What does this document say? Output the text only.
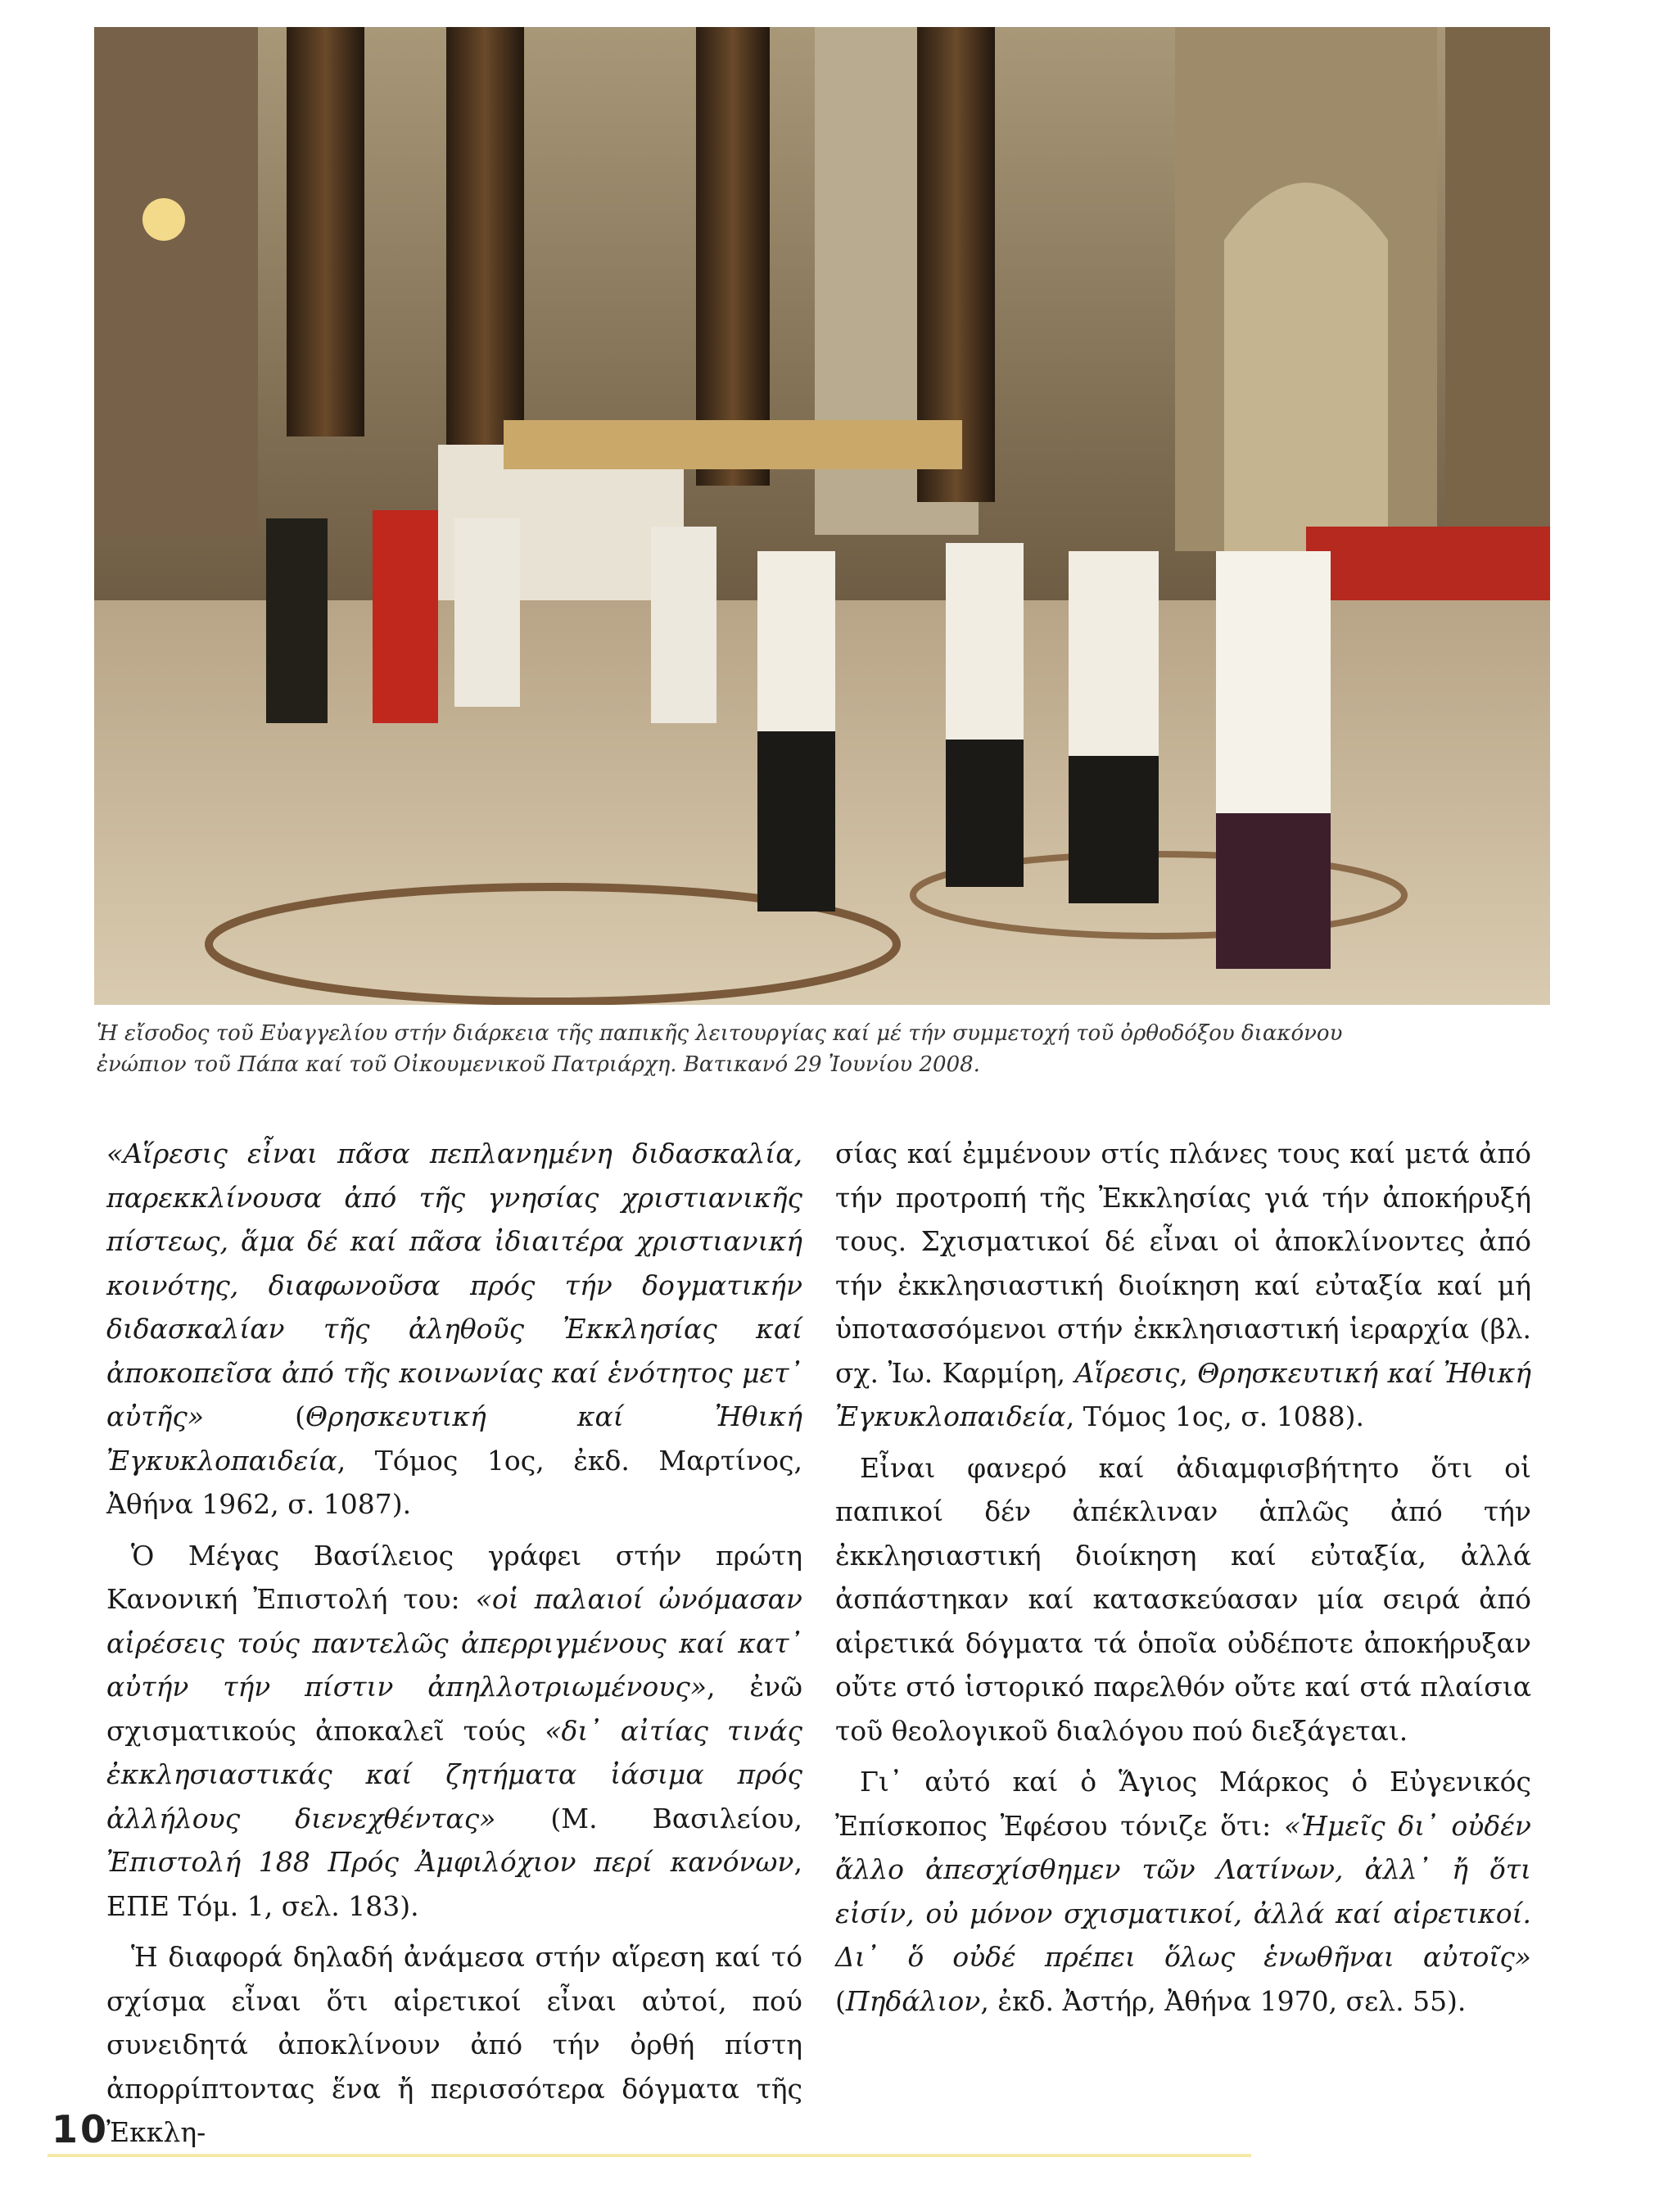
Ἡ εἴσοδος τοῦ Εὐαγγελίου στήν διάρκεια τῆς παπικῆς λειτουργίας καί μέ τήν συμμετοχή τοῦ ὀρθοδόξου διακόνου
ἐνώπιον τοῦ Πάπα καί τοῦ Οἰκουμενικοῦ Πατριάρχη. Βατικανό 29 Ἰουνίου 2008.

«Αἵρεσις εἶναι πᾶσα πεπλανημένη διδασκαλία, παρεκκλίνουσα ἀπό τῆς γνησίας χριστιανικῆς πίστεως, ἅμα δέ καί πᾶσα ἰδιαιτέρα χριστιανική κοινότης, διαφωνοῦσα πρός τήν δογματικήν διδασκαλίαν τῆς ἀληθοῦς Ἐκκλησίας καί ἀποκοπεῖσα ἀπό τῆς κοινωνίας καί ἑνότητος μετ᾽ αὐτῆς» (Θρησκευτική καί Ἠθική Ἐγκυκλοπαιδεία, Τόμος 1ος, ἐκδ. Μαρτίνος, Ἀθήνα 1962, σ. 1087).

Ὁ Μέγας Βασίλειος γράφει στήν πρώτη Κανονική Ἐπιστολή του: «οἱ παλαιοί ὠνόμασαν αἱρέσεις τούς παντελῶς ἀπερριγμένους καί κατ᾽ αὐτήν τήν πίστιν ἀπηλλοτριωμένους», ἐνῶ σχισματικούς ἀποκαλεῖ τούς «δι᾽ αἰτίας τινάς ἐκκλησιαστικάς καί ζητήματα ἰάσιμα πρός ἀλλήλους διενεχθέντας» (Μ. Βασιλείου, Ἐπιστολή 188 Πρός Ἀμφιλόχιον περί κανόνων, ΕΠΕ Τόμ. 1, σελ. 183).

Ἡ διαφορά δηλαδή ἀνάμεσα στήν αἵρεση καί τό σχίσμα εἶναι ὅτι αἱρετικοί εἶναι αὐτοί, πού συνειδητά ἀποκλίνουν ἀπό τήν ὀρθή πίστη ἀπορρίπτοντας ἕνα ἤ περισσότερα δόγματα τῆς Ἐκκλη-

σίας καί ἐμμένουν στίς πλάνες τους καί μετά ἀπό τήν προτροπή τῆς Ἐκκλησίας γιά τήν ἀποκήρυξή τους. Σχισματικοί δέ εἶναι οἱ ἀποκλίνοντες ἀπό τήν ἐκκλησιαστική διοίκηση καί εὐταξία καί μή ὑποτασσόμενοι στήν ἐκκλησιαστική ἱεραρχία (βλ. σχ. Ἰω. Καρμίρη, Αἵρεσις, Θρησκευτική καί Ἠθική Ἐγκυκλοπαιδεία, Τόμος 1ος, σ. 1088).

Εἶναι φανερό καί ἀδιαμφισβήτητο ὅτι οἱ παπικοί δέν ἀπέκλιναν ἁπλῶς ἀπό τήν ἐκκλησιαστική διοίκηση καί εὐταξία, ἀλλά ἀσπάστηκαν καί κατασκεύασαν μία σειρά ἀπό αἱρετικά δόγματα τά ὁποῖα οὐδέποτε ἀποκήρυξαν οὔτε στό ἱστορικό παρελθόν οὔτε καί στά πλαίσια τοῦ θεολογικοῦ διαλόγου πού διεξάγεται.

Γι᾽ αὐτό καί ὁ Ἅγιος Μάρκος ὁ Εὐγενικός Ἐπίσκοπος Ἐφέσου τόνιζε ὅτι: «Ἡμεῖς δι᾽ οὐδέν ἄλλο ἀπεσχίσθημεν τῶν Λατίνων, ἀλλ᾽ ἤ ὅτι εἰσίν, οὐ μόνον σχισματικοί, ἀλλά καί αἱρετικοί. Δι᾽ ὅ οὐδέ πρέπει ὅλως ἑνωθῆναι αὐτοῖς» (Πηδάλιον, ἐκδ. Ἀστήρ, Ἀθήνα 1970, σελ. 55).

10
